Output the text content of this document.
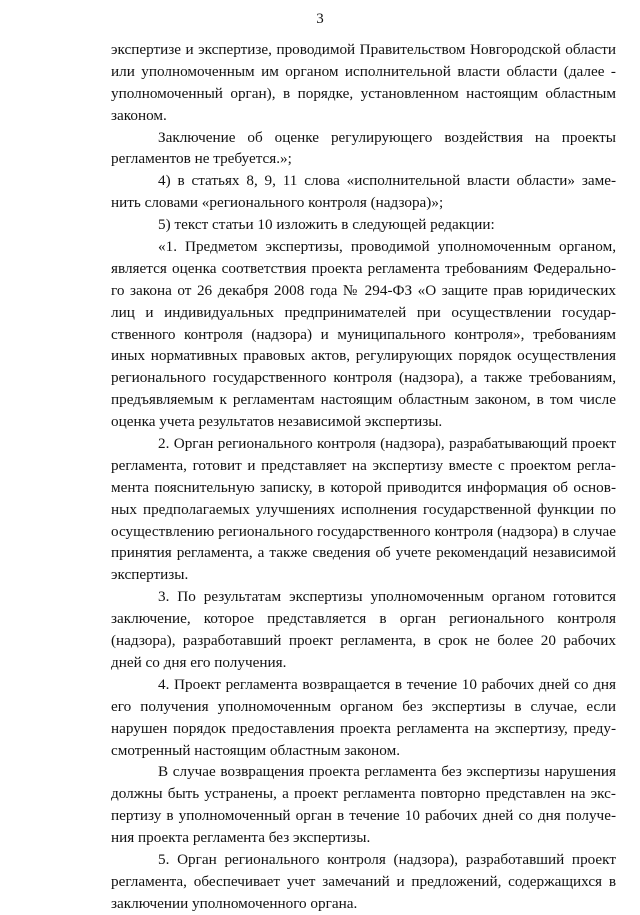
3
экспертизе и экспертизе, проводимой Правительством Новгородской области
или уполномоченным им органом исполнительной власти области (далее -
уполномоченный орган), в порядке, установленном настоящим областным
законом.
Заключение об оценке регулирующего воздействия на проекты
регламентов не требуется.»;
4) в статьях 8, 9, 11 слова «исполнительной власти области» заме-
нить словами «регионального контроля (надзора)»;
5) текст статьи 10 изложить в следующей редакции:
«1. Предметом экспертизы, проводимой уполномоченным органом,
является оценка соответствия проекта регламента требованиям Федерально-
го закона от 26 декабря 2008 года № 294-ФЗ «О защите прав юридических
лиц и индивидуальных предпринимателей при осуществлении государ-
ственного контроля (надзора) и муниципального контроля», требованиям
иных нормативных правовых актов, регулирующих порядок осуществления
регионального государственного контроля (надзора), а также требованиям,
предъявляемым к регламентам настоящим областным законом, в том числе
оценка учета результатов независимой экспертизы.
2. Орган регионального контроля (надзора), разрабатывающий проект
регламента, готовит и представляет на экспертизу вместе с проектом регла-
мента пояснительную записку, в которой приводится информация об основ-
ных предполагаемых улучшениях исполнения государственной функции по
осуществлению регионального государственного контроля (надзора) в случае
принятия регламента, а также сведения об учете рекомендаций независимой
экспертизы.
3. По результатам экспертизы уполномоченным органом готовится
заключение, которое представляется в орган регионального контроля
(надзора), разработавший проект регламента, в срок не более 20 рабочих
дней со дня его получения.
4. Проект регламента возвращается в течение 10 рабочих дней со дня
его получения уполномоченным органом без экспертизы в случае, если
нарушен порядок предоставления проекта регламента на экспертизу, преду-
смотренный настоящим областным законом.
В случае возвращения проекта регламента без экспертизы нарушения
должны быть устранены, а проект регламента повторно представлен на экс-
пертизу в уполномоченный орган в течение 10 рабочих дней со дня получе-
ния проекта регламента без экспертизы.
5. Орган регионального контроля (надзора), разработавший проект
регламента, обеспечивает учет замечаний и предложений, содержащихся в
заключении уполномоченного органа.
